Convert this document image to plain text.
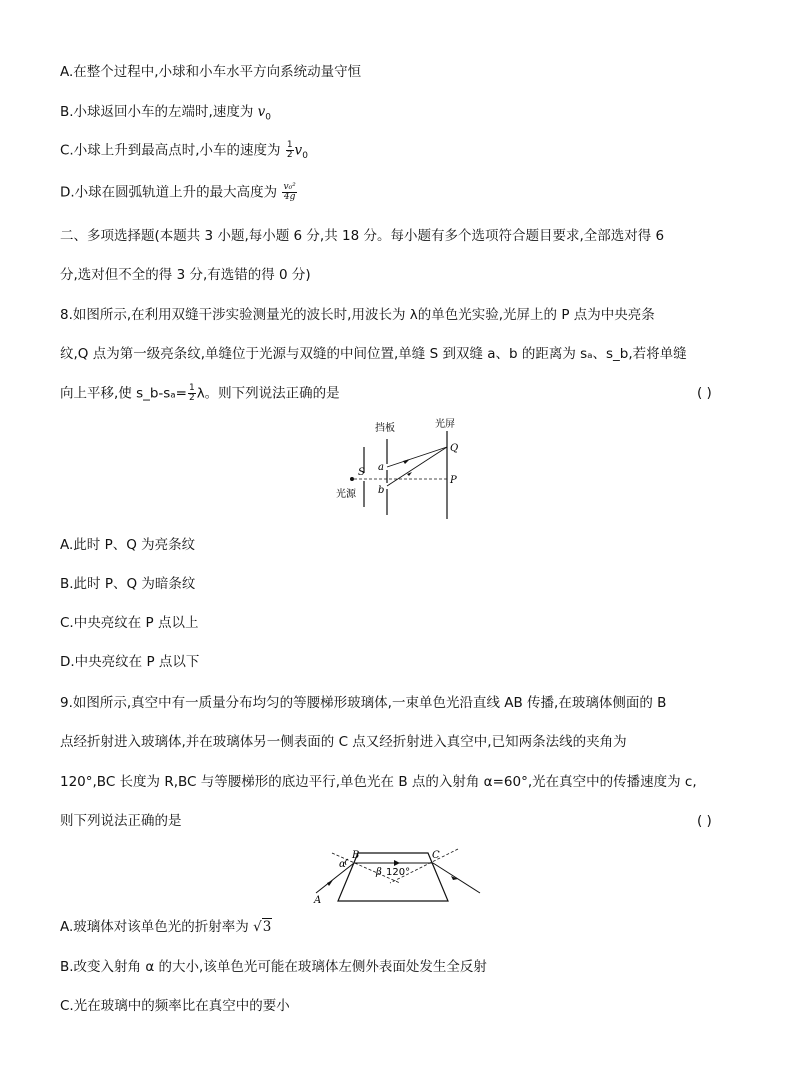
A.在整个过程中,小球和小车水平方向系统动量守恒
B.小球返回小车的左端时,速度为 $v_0$
C.小球上升到最高点时,小车的速度为 $\frac{1}{2} v_0$
D.小球在圆弧轨道上升的最大高度为 $\frac{\text{v₀²}}{4g}$
二、多项选择题(本题共 3 小题,每小题 6 分,共 18 分。每小题有多个选项符合题目要求,全部选对得 6
分,选对但不全的得 3 分,有选错的得 0 分)
8.如图所示,在利用双缝干涉实验测量光的波长时,用波长为 λ的单色光实验,光屏上的 P 点为中央亮条
纹,Q 点为第一级亮条纹,单缝位于光源与双缝的中间位置,单缝 S 到双缝 a、b 的距离为 sₐ、s_b,若将单缝
向上平移,使 s_b-sₐ= $\frac{1}{2}$ λ。则下列说法正确的是	( )
挡板	光屏
光源
S a
b
Q
P
A.此时 P、Q 为亮条纹
B.此时 P、Q 为暗条纹
C.中央亮纹在 P 点以上
D.中央亮纹在 P 点以下
9.如图所示,真空中有一质量分布均匀的等腰梯形玻璃体,一束单色光沿直线 AB 传播,在玻璃体侧面的 B
点经折射进入玻璃体,并在玻璃体另一侧表面的 C 点又经折射进入真空中,已知两条法线的夹角为
120°,BC 长度为 R,BC 与等腰梯形的底边平行,单色光在 B 点的入射角 α=60°,光在真空中的传播速度为 c,
则下列说法正确的是	( )
α
B	C
A
β 120°
A.玻璃体对该单色光的折射率为 √3
B.改变入射角 α 的大小,该单色光可能在玻璃体左侧外表面处发生全反射
C.光在玻璃中的频率比在真空中的要小
